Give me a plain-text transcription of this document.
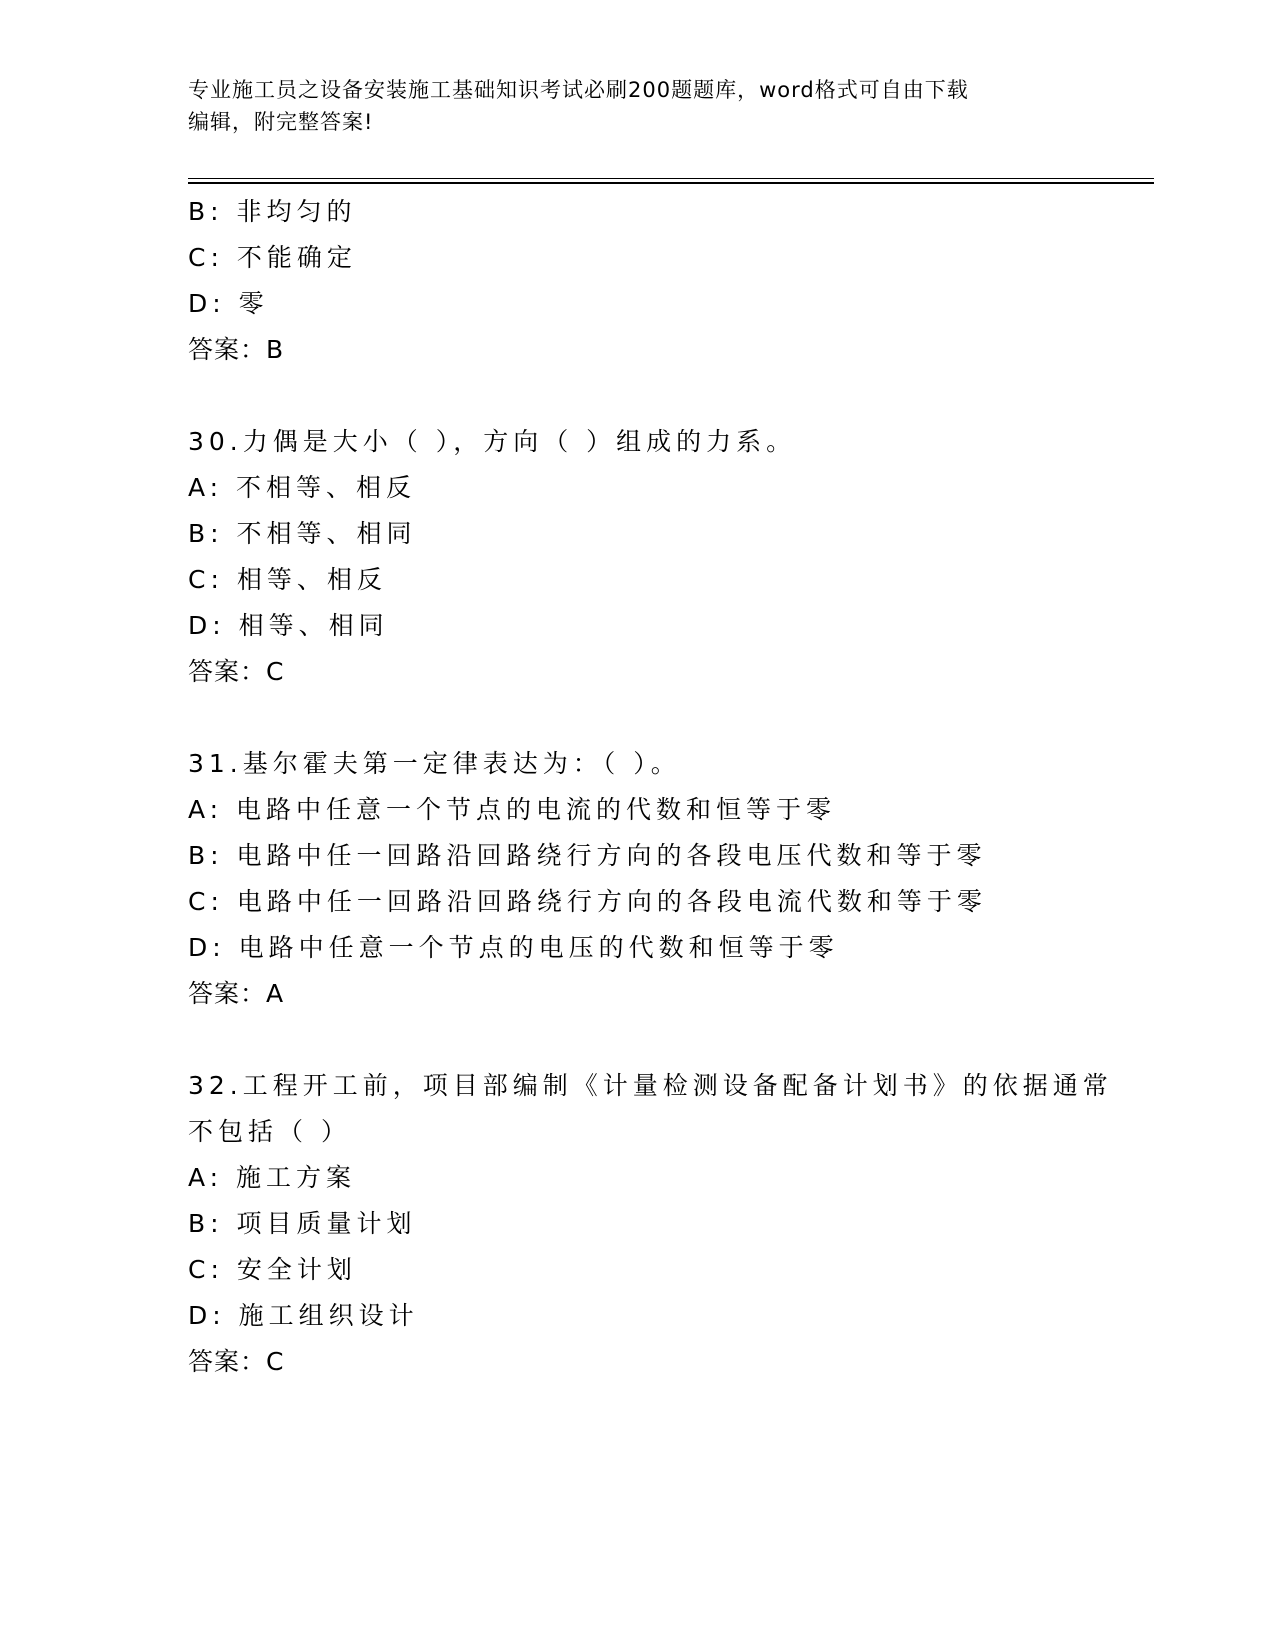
专业施工员之设备安装施工基础知识考试必刷200题题库，word格式可自由下载
编辑，附完整答案!
B: 非均匀的
C: 不能确定
D: 零
答案：B
30.力偶是大小（ ），方向（ ）组成的力系。
A: 不相等、相反
B: 不相等、相同
C: 相等、相反
D: 相等、相同
答案：C
31.基尔霍夫第一定律表达为：（ ）。
A: 电路中任意一个节点的电流的代数和恒等于零
B: 电路中任一回路沿回路绕行方向的各段电压代数和等于零
C: 电路中任一回路沿回路绕行方向的各段电流代数和等于零
D: 电路中任意一个节点的电压的代数和恒等于零
答案：A
32.工程开工前，项目部编制《计量检测设备配备计划书》的依据通常
不包括（ ）
A: 施工方案
B: 项目质量计划
C: 安全计划
D: 施工组织设计
答案：C
